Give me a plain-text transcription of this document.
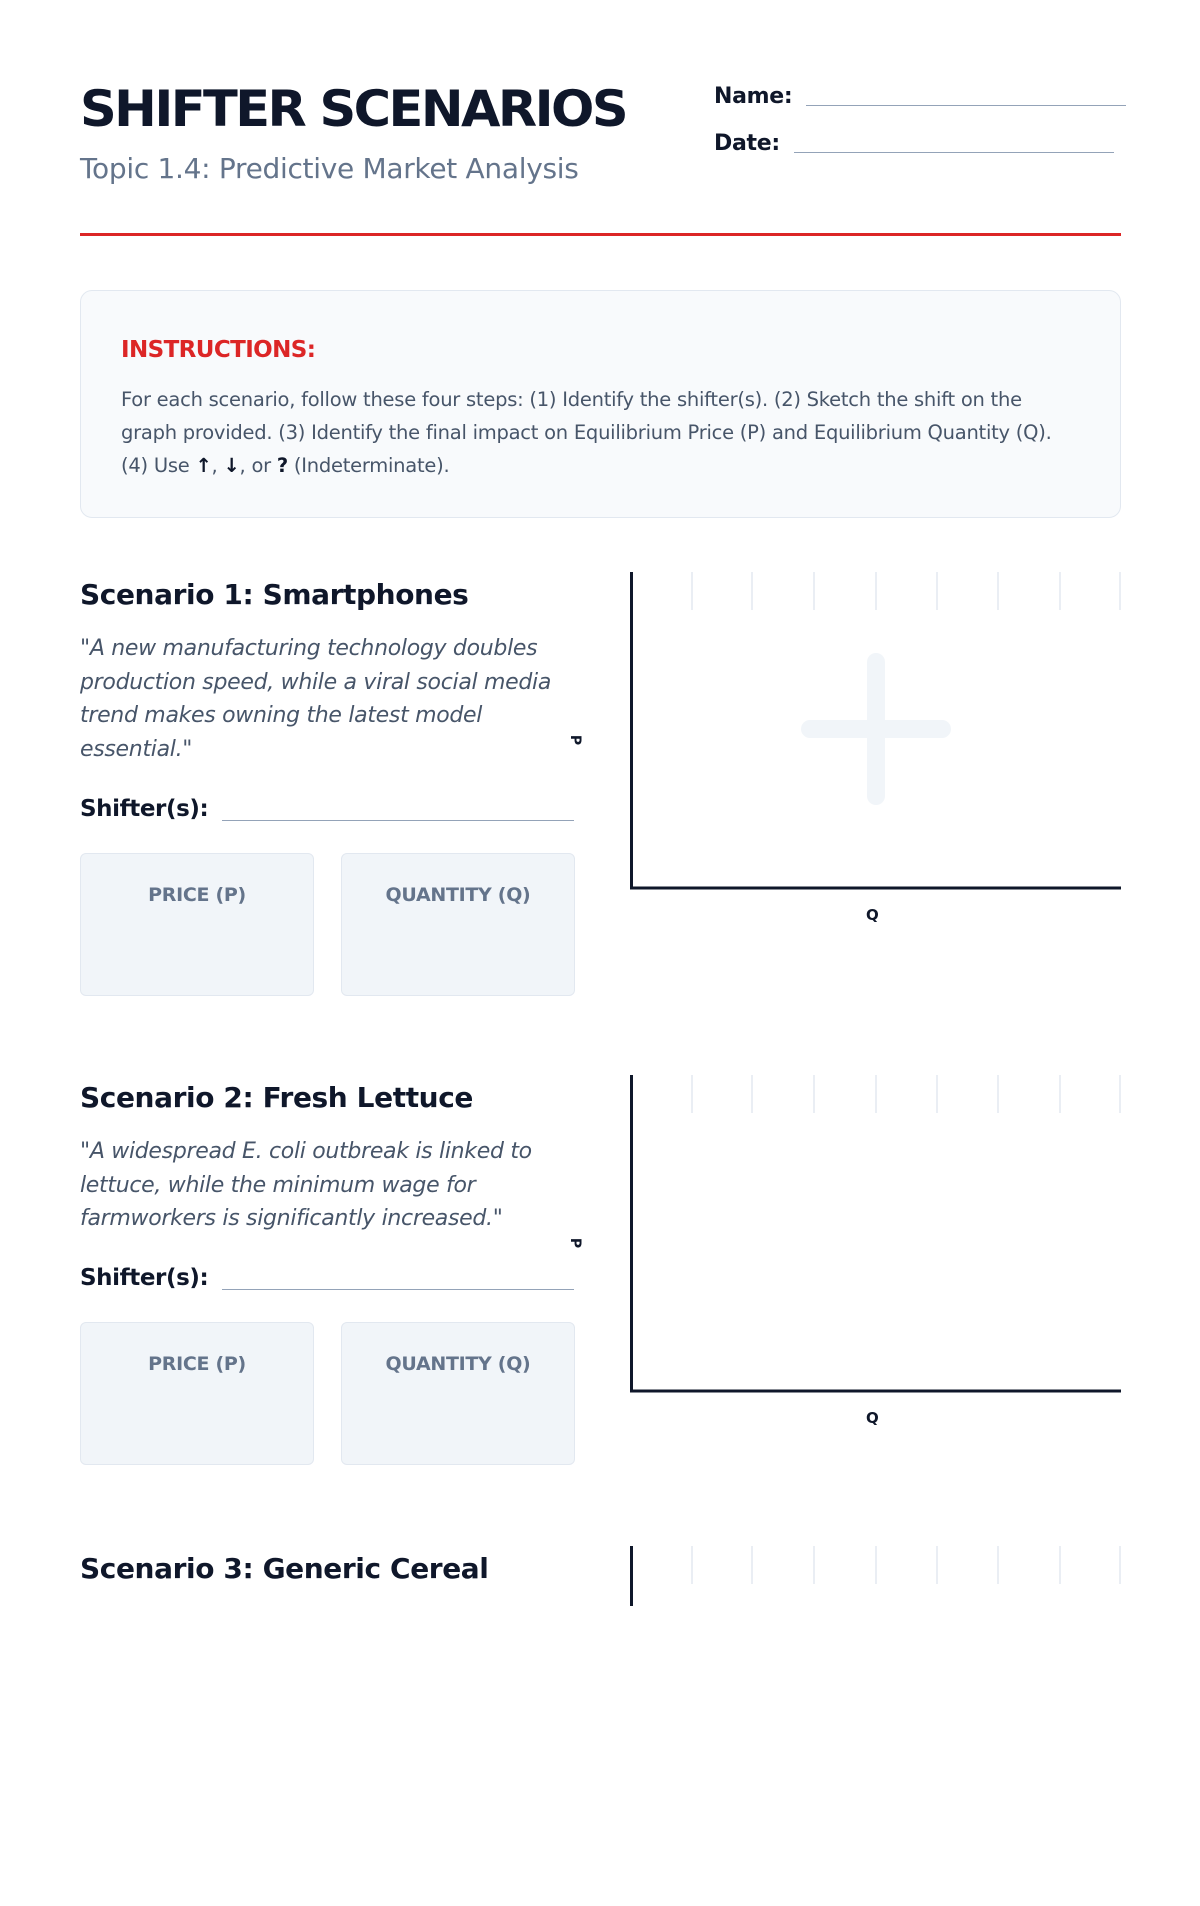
SHIFTER SCENARIOS
Topic 1.4: Predictive Market Analysis
Name:
Date:
INSTRUCTIONS:
For each scenario, follow these four steps: (1) Identify the shifter(s). (2) Sketch the shift on the graph provided. (3) Identify the final impact on Equilibrium Price (P) and Equilibrium Quantity (Q). (4) Use ↑, ↓, or ? (Indeterminate).
Scenario 1: Smartphones
"A new manufacturing technology doubles production speed, while a viral social media trend makes owning the latest model essential."
Shifter(s):
PRICE (P)	QUANTITY (Q)
P
Q
Scenario 2: Fresh Lettuce
"A widespread E. coli outbreak is linked to lettuce, while the minimum wage for farmworkers is significantly increased."
Shifter(s):
PRICE (P)	QUANTITY (Q)
P
Q
Scenario 3: Generic Cereal
